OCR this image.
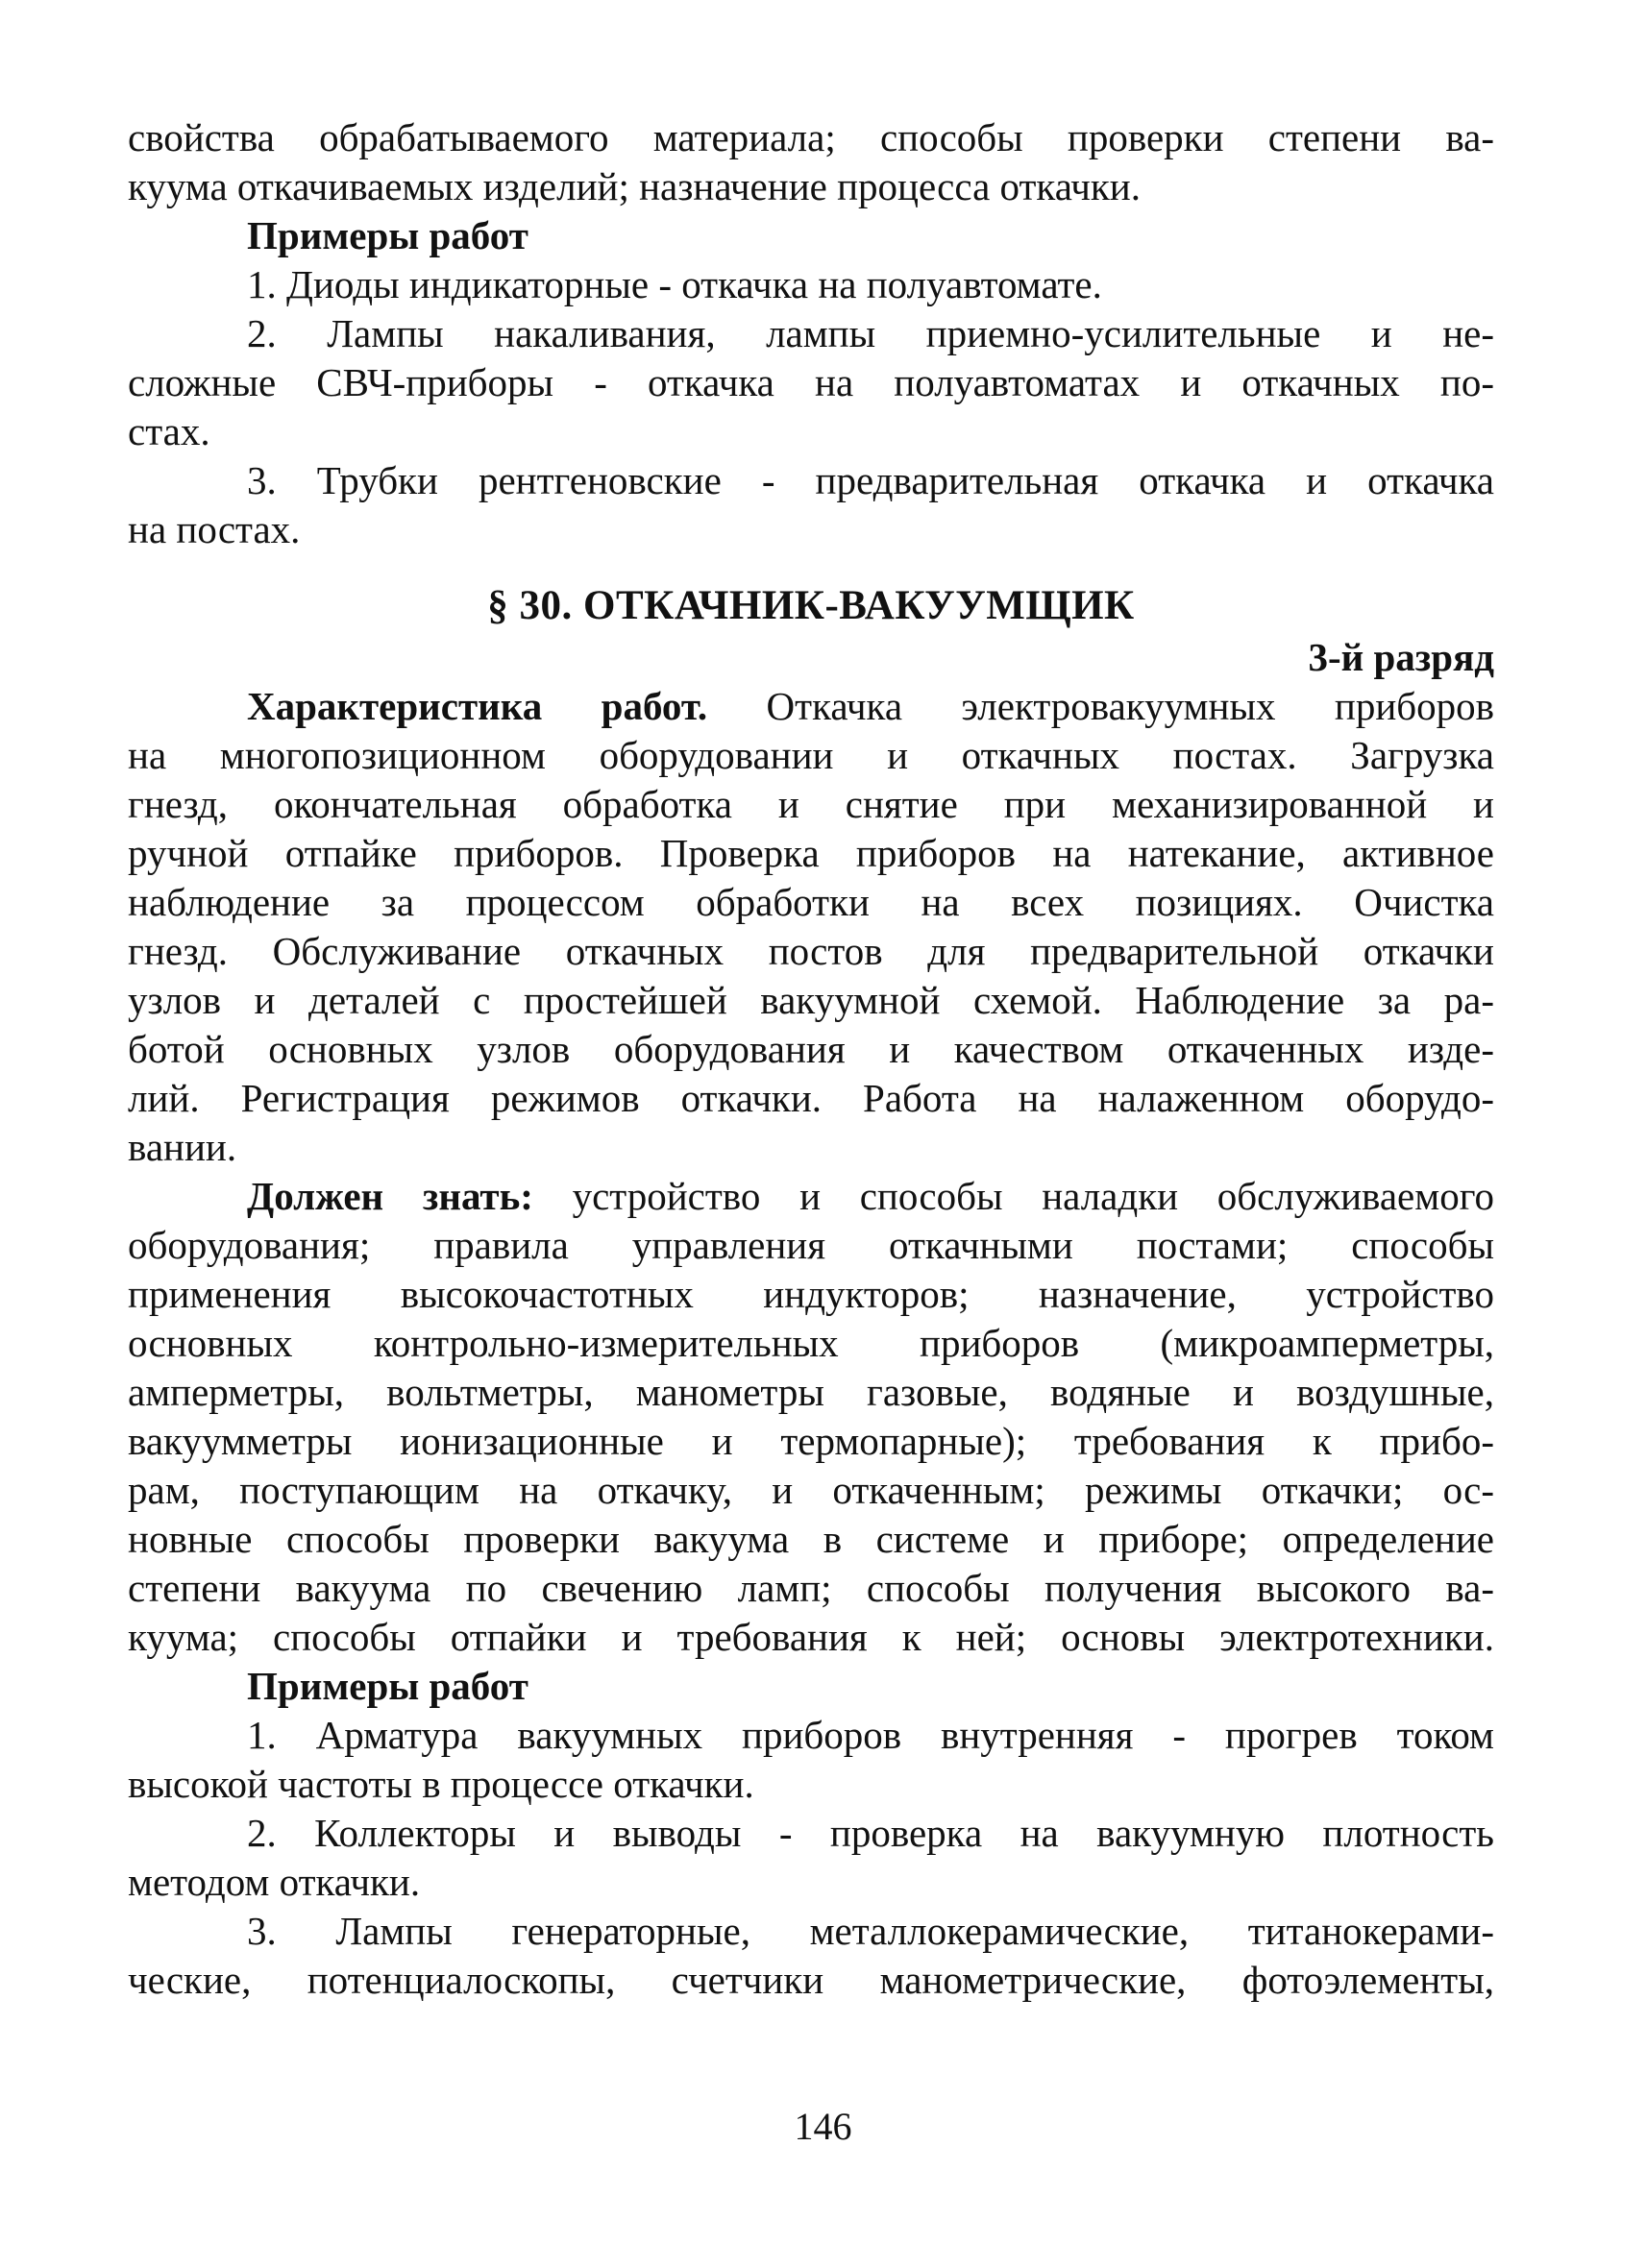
свойства обрабатываемого материала; способы проверки степени ва-
куума откачиваемых изделий; назначение процесса откачки.
Примеры работ
1. Диоды индикаторные - откачка на полуавтомате.
2. Лампы накаливания, лампы приемно-усилительные и не-
сложные СВЧ-приборы - откачка на полуавтоматах и откачных по-
стах.
3. Трубки рентгеновские - предварительная откачка и откачка
на постах.
§ 30. ОТКАЧНИК-ВАКУУМЩИК
3-й разряд
Характеристика работ. Откачка электровакуумных приборов
на многопозиционном оборудовании и откачных постах. Загрузка
гнезд, окончательная обработка и снятие при механизированной и
ручной отпайке приборов. Проверка приборов на натекание, активное
наблюдение за процессом обработки на всех позициях. Очистка
гнезд. Обслуживание откачных постов для предварительной откачки
узлов и деталей с простейшей вакуумной схемой. Наблюдение за ра-
ботой основных узлов оборудования и качеством откаченных изде-
лий. Регистрация режимов откачки. Работа на налаженном оборудо-
вании.
Должен знать: устройство и способы наладки обслуживаемого
оборудования; правила управления откачными постами; способы
применения высокочастотных индукторов; назначение, устройство
основных контрольно-измерительных приборов (микроамперметры,
амперметры, вольтметры, манометры газовые, водяные и воздушные,
вакуумметры ионизационные и термопарные); требования к прибо-
рам, поступающим на откачку, и откаченным; режимы откачки; ос-
новные способы проверки вакуума в системе и приборе; определение
степени вакуума по свечению ламп; способы получения высокого ва-
куума; способы отпайки и требования к ней; основы электротехники.
Примеры работ
1. Арматура вакуумных приборов внутренняя - прогрев током
высокой частоты в процессе откачки.
2. Коллекторы и выводы - проверка на вакуумную плотность
методом откачки.
3. Лампы генераторные, металлокерамические, титанокерами-
ческие, потенциалоскопы, счетчики манометрические, фотоэлементы,
146
